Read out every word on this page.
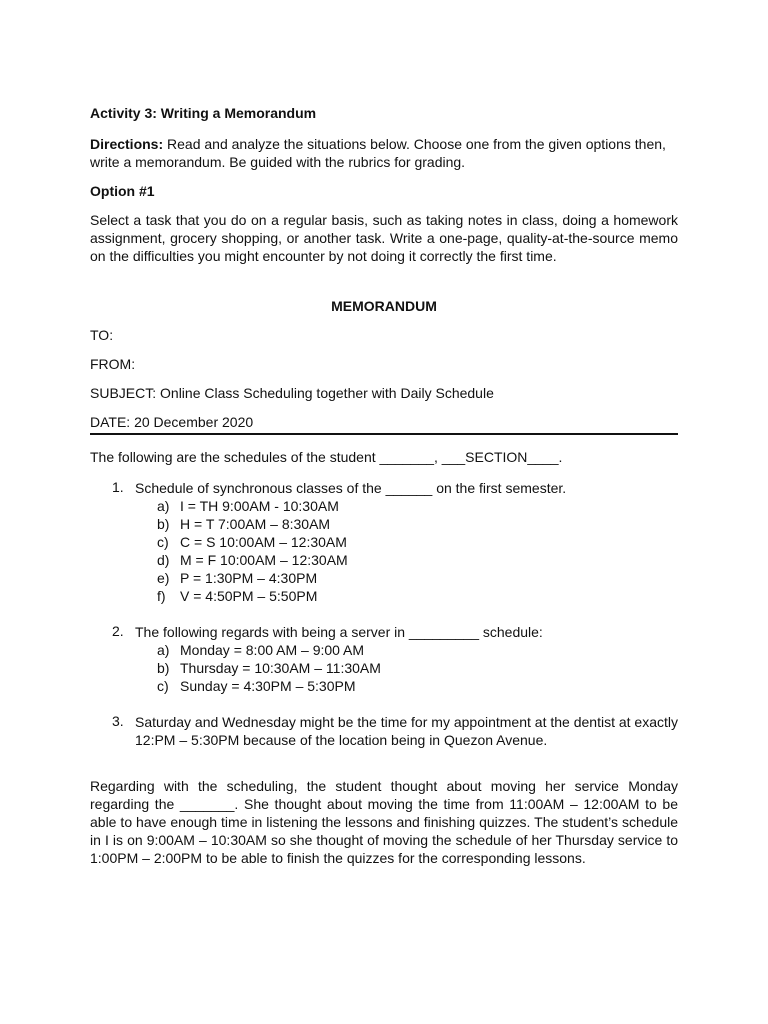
Activity 3: Writing a Memorandum

Directions: Read and analyze the situations below. Choose one from the given options then, write a memorandum. Be guided with the rubrics for grading.

Option #1

Select a task that you do on a regular basis, such as taking notes in class, doing a homework assignment, grocery shopping, or another task. Write a one-page, quality-at-the-source memo on the difficulties you might encounter by not doing it correctly the first time.

MEMORANDUM

TO:

FROM:

SUBJECT: Online Class Scheduling together with Daily Schedule

DATE: 20 December 2020

The following are the schedules of the student _______, ___SECTION____.

1. Schedule of synchronous classes of the ______ on the first semester.
a) I = TH 9:00AM - 10:30AM
b) H = T 7:00AM – 8:30AM
c) C = S 10:00AM – 12:30AM
d) M = F 10:00AM – 12:30AM
e) P = 1:30PM – 4:30PM
f) V = 4:50PM – 5:50PM
2. The following regards with being a server in _________ schedule:
a) Monday = 8:00 AM – 9:00 AM
b) Thursday = 10:30AM – 11:30AM
c) Sunday = 4:30PM – 5:30PM
3. Saturday and Wednesday might be the time for my appointment at the dentist at exactly 12:PM – 5:30PM because of the location being in Quezon Avenue.

Regarding with the scheduling, the student thought about moving her service Monday regarding the _______. She thought about moving the time from 11:00AM – 12:00AM to be able to have enough time in listening the lessons and finishing quizzes. The student’s schedule in I is on 9:00AM – 10:30AM so she thought of moving the schedule of her Thursday service to 1:00PM – 2:00PM to be able to finish the quizzes for the corresponding lessons.
